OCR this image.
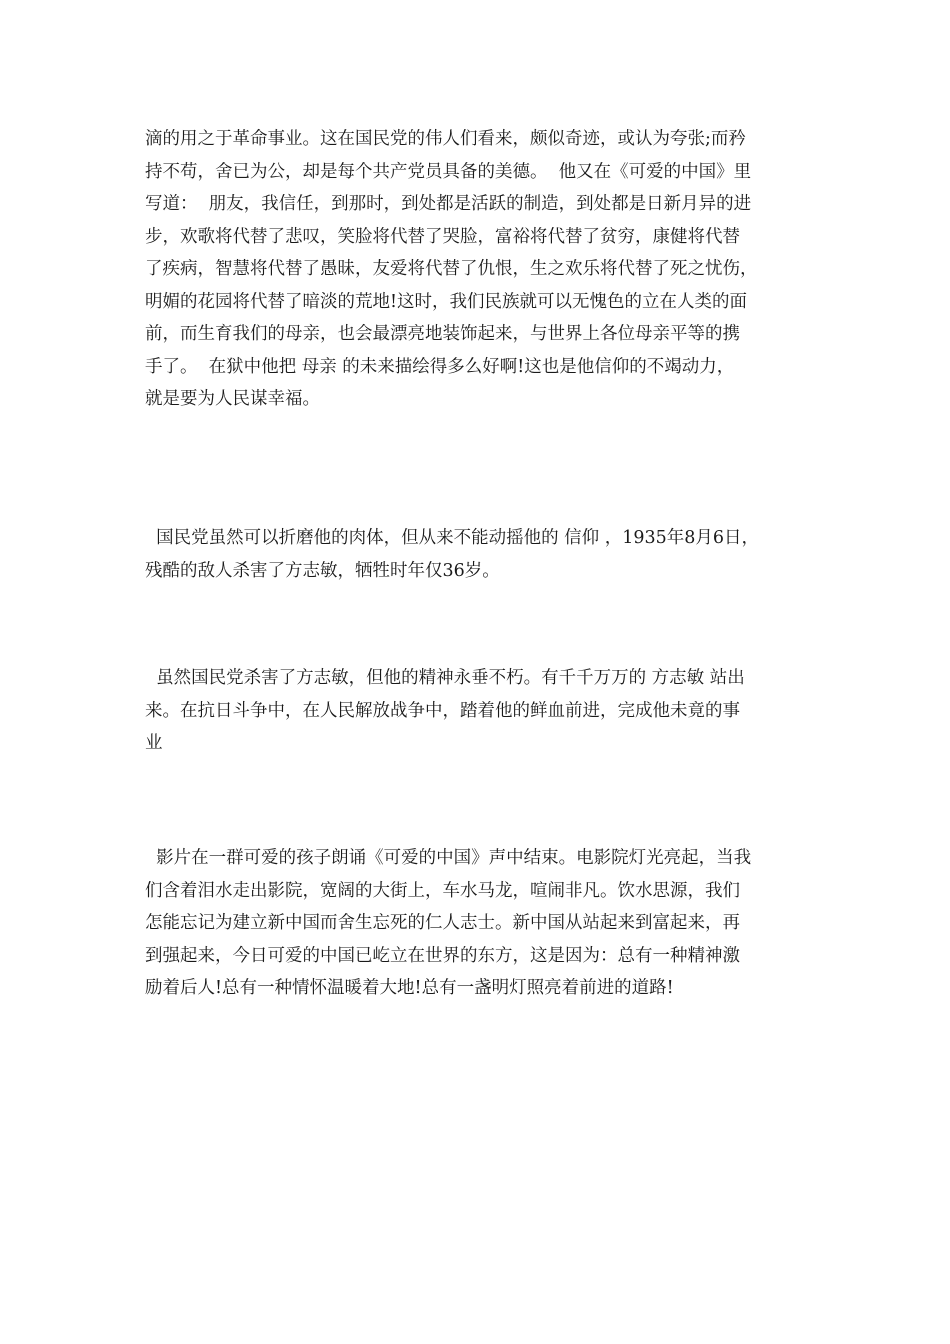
滴的用之于革命事业。这在国民党的伟人们看来，颇似奇迹，或认为夸张;而矜
持不苟，舍已为公，却是每个共产党员具备的美德。  他又在《可爱的中国》里
写道：  朋友，我信任，到那时，到处都是活跃的制造，到处都是日新月异的进
步，欢歌将代替了悲叹，笑脸将代替了哭脸，富裕将代替了贫穷，康健将代替
了疾病，智慧将代替了愚昧，友爱将代替了仇恨，生之欢乐将代替了死之忧伤，
明媚的花园将代替了暗淡的荒地!这时，我们民族就可以无愧色的立在人类的面
前，而生育我们的母亲，也会最漂亮地装饰起来，与世界上各位母亲平等的携
手了。  在狱中他把 母亲 的未来描绘得多么好啊!这也是他信仰的不竭动力，
就是要为人民谋幸福。
国民党虽然可以折磨他的肉体，但从来不能动摇他的 信仰 ，1935年8月6日，
残酷的敌人杀害了方志敏，牺牲时年仅36岁。
虽然国民党杀害了方志敏，但他的精神永垂不朽。有千千万万的 方志敏 站出
来。在抗日斗争中，在人民解放战争中，踏着他的鲜血前进，完成他未竟的事
业
影片在一群可爱的孩子朗诵《可爱的中国》声中结束。电影院灯光亮起，当我
们含着泪水走出影院，宽阔的大街上，车水马龙，喧闹非凡。饮水思源，我们
怎能忘记为建立新中国而舍生忘死的仁人志士。新中国从站起来到富起来，再
到强起来，今日可爱的中国已屹立在世界的东方，这是因为：总有一种精神激
励着后人!总有一种情怀温暖着大地!总有一盏明灯照亮着前进的道路!
